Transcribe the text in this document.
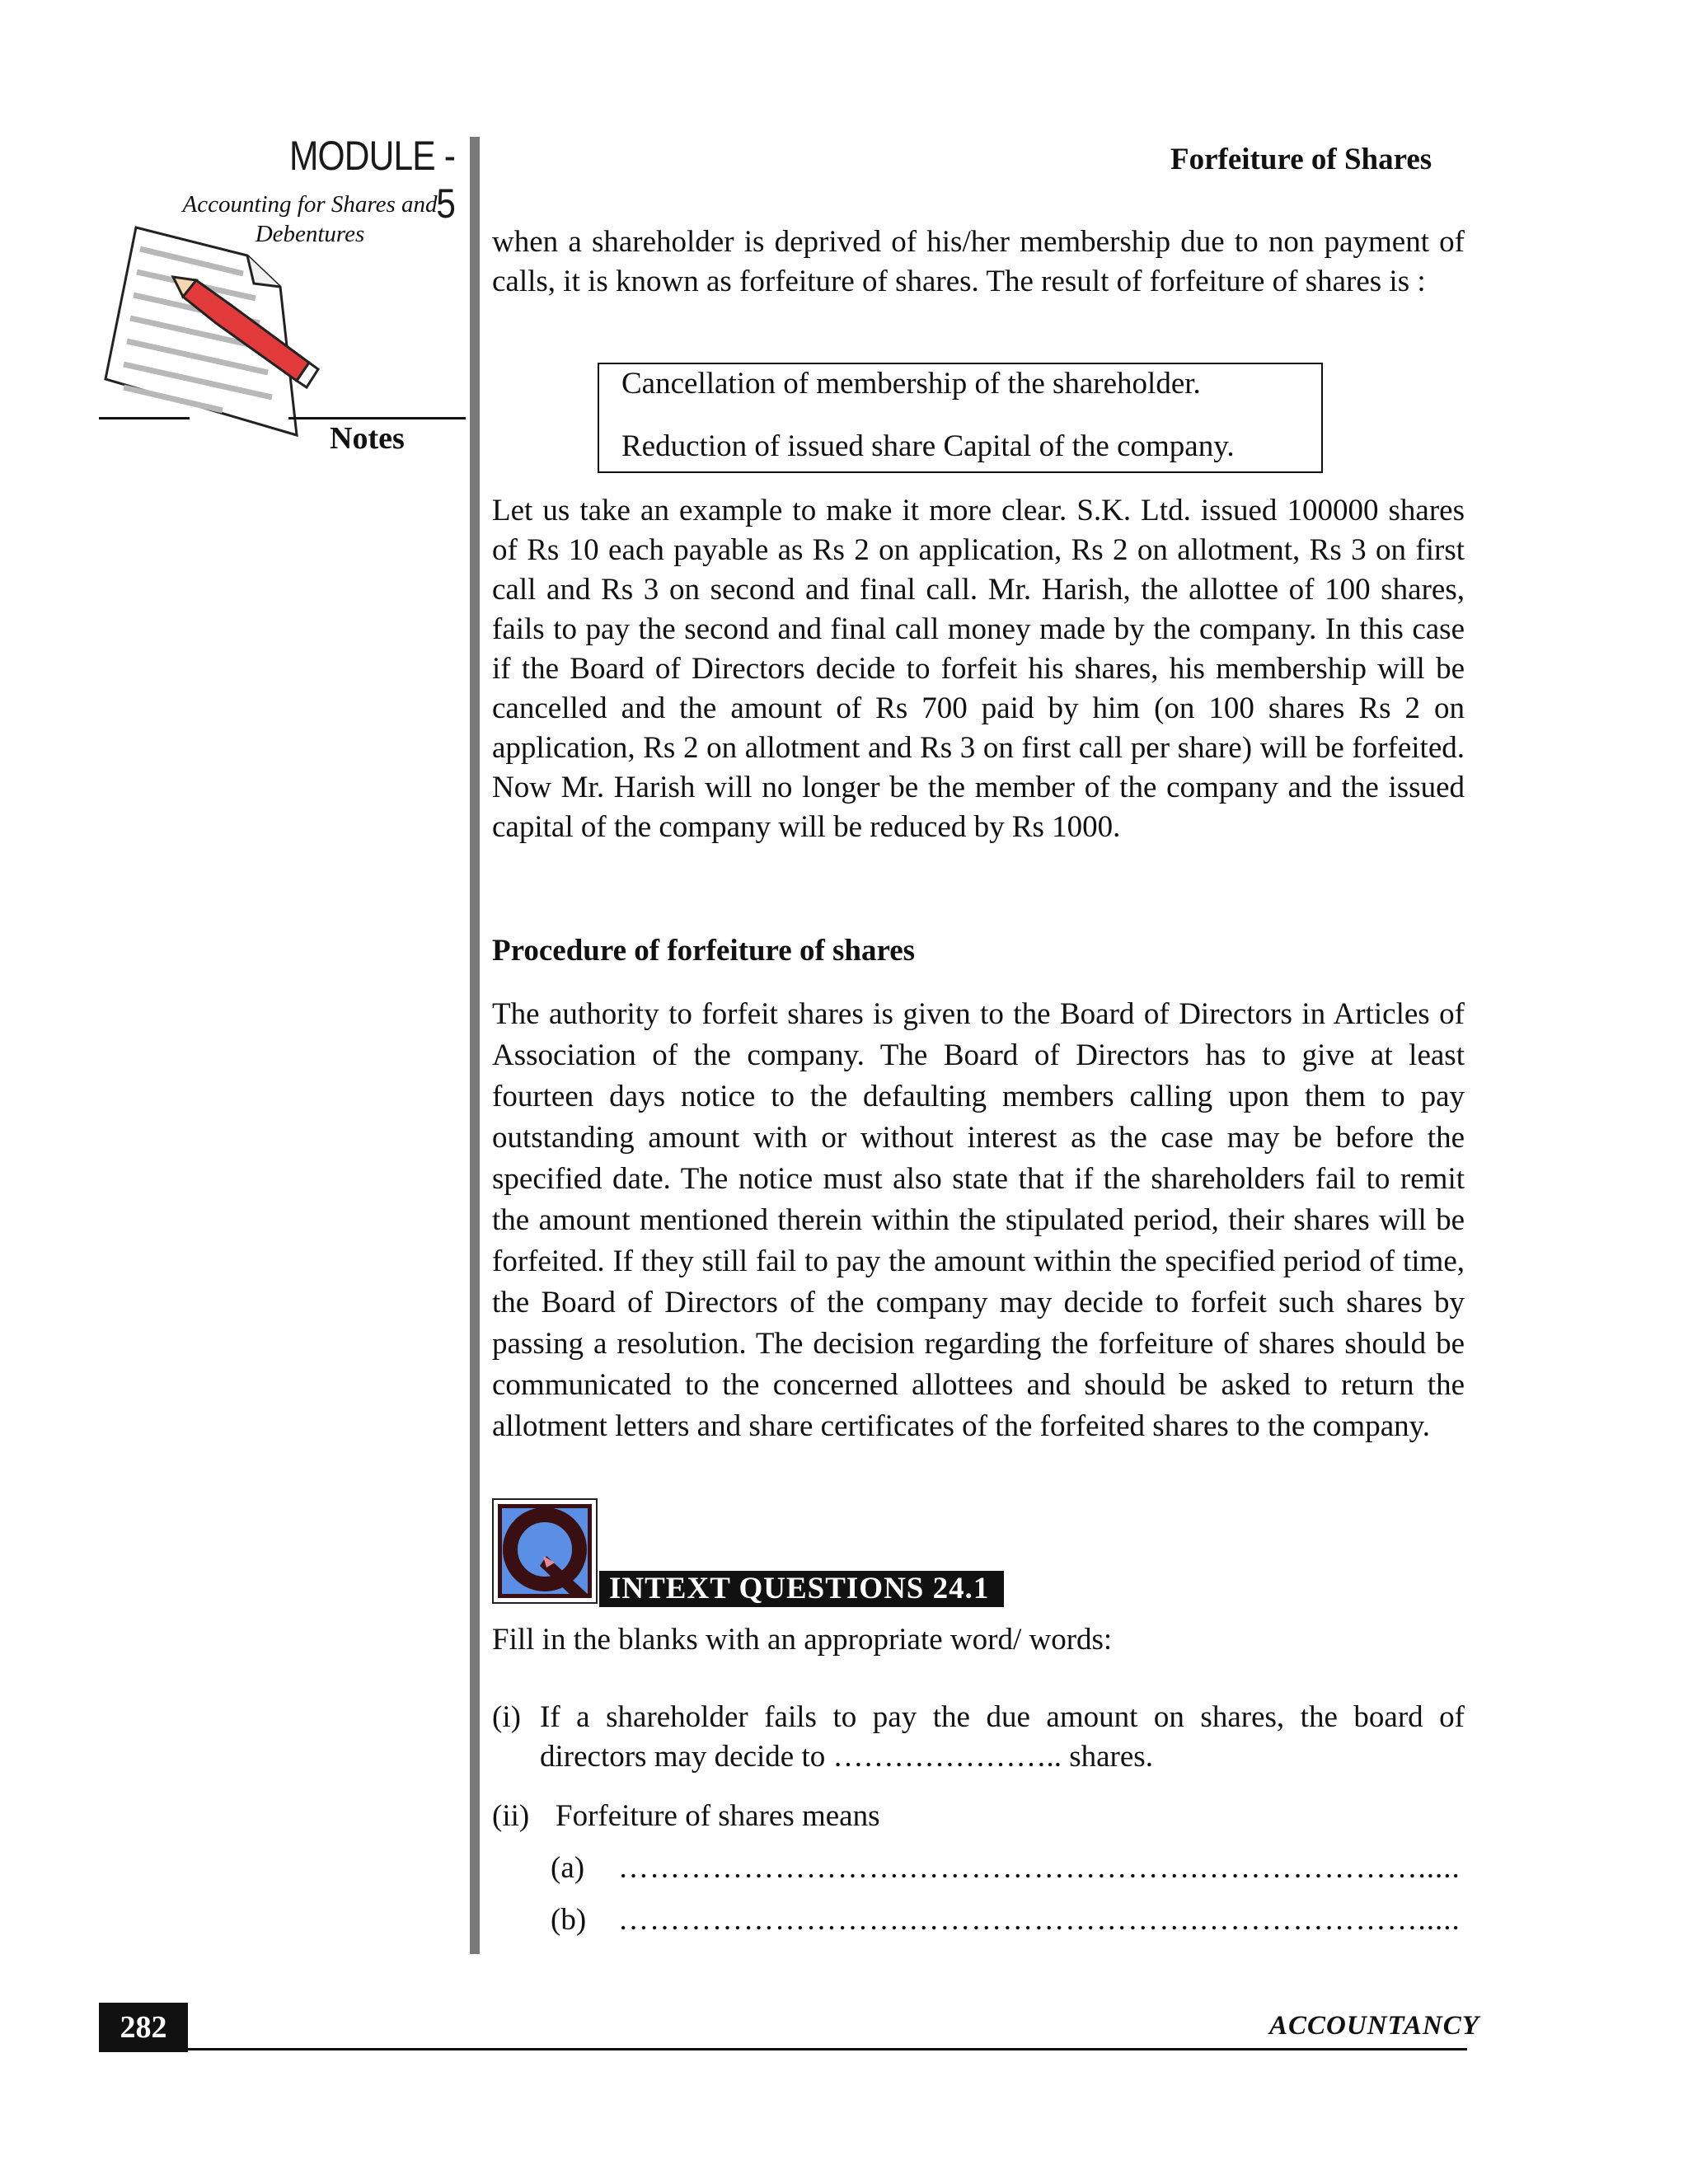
MODULE - 5
Accounting for Shares and
Debentures
Notes
Forfeiture of Shares

when a shareholder is deprived of his/her membership due to non payment of calls, it is known as forfeiture of shares. The result of forfeiture of shares is :

Cancellation of membership of the shareholder.
Reduction of issued share Capital of the company.

Let us take an example to make it more clear. S.K. Ltd. issued 100000 shares of Rs 10 each payable as Rs 2 on application, Rs 2 on allotment, Rs 3 on first call and Rs 3 on second and final call. Mr. Harish, the allottee of 100 shares, fails to pay the second and final call money made by the company. In this case if the Board of Directors decide to forfeit his shares, his membership will be cancelled and the amount of Rs 700 paid by him (on 100 shares Rs 2 on application, Rs 2 on allotment and Rs 3 on first call per share) will be forfeited. Now Mr. Harish will no longer be the member of the company and the issued capital of the company will be reduced by Rs 1000.

Procedure of forfeiture of shares

The authority to forfeit shares is given to the Board of Directors in Articles of Association of the company. The Board of Directors has to give at least fourteen days notice to the defaulting members calling upon them to pay outstanding amount with or without interest as the case may be before the specified date. The notice must also state that if the shareholders fail to remit the amount mentioned therein within the stipulated period, their shares will be forfeited. If they still fail to pay the amount within the specified period of time, the Board of Directors of the company may decide to forfeit such shares by passing a resolution. The decision regarding the forfeiture of shares should be communicated to the concerned allottees and should be asked to return the allotment letters and share certificates of the forfeited shares to the company.

INTEXT QUESTIONS 24.1
Fill in the blanks with an appropriate word/ words:
(i) If a shareholder fails to pay the due amount on shares, the board of directors may decide to ………………….. shares.
(ii) Forfeiture of shares means
(a) ……………………….……………………….………………….....
(b) ……………………….……………………….………………….....
282	ACCOUNTANCY
